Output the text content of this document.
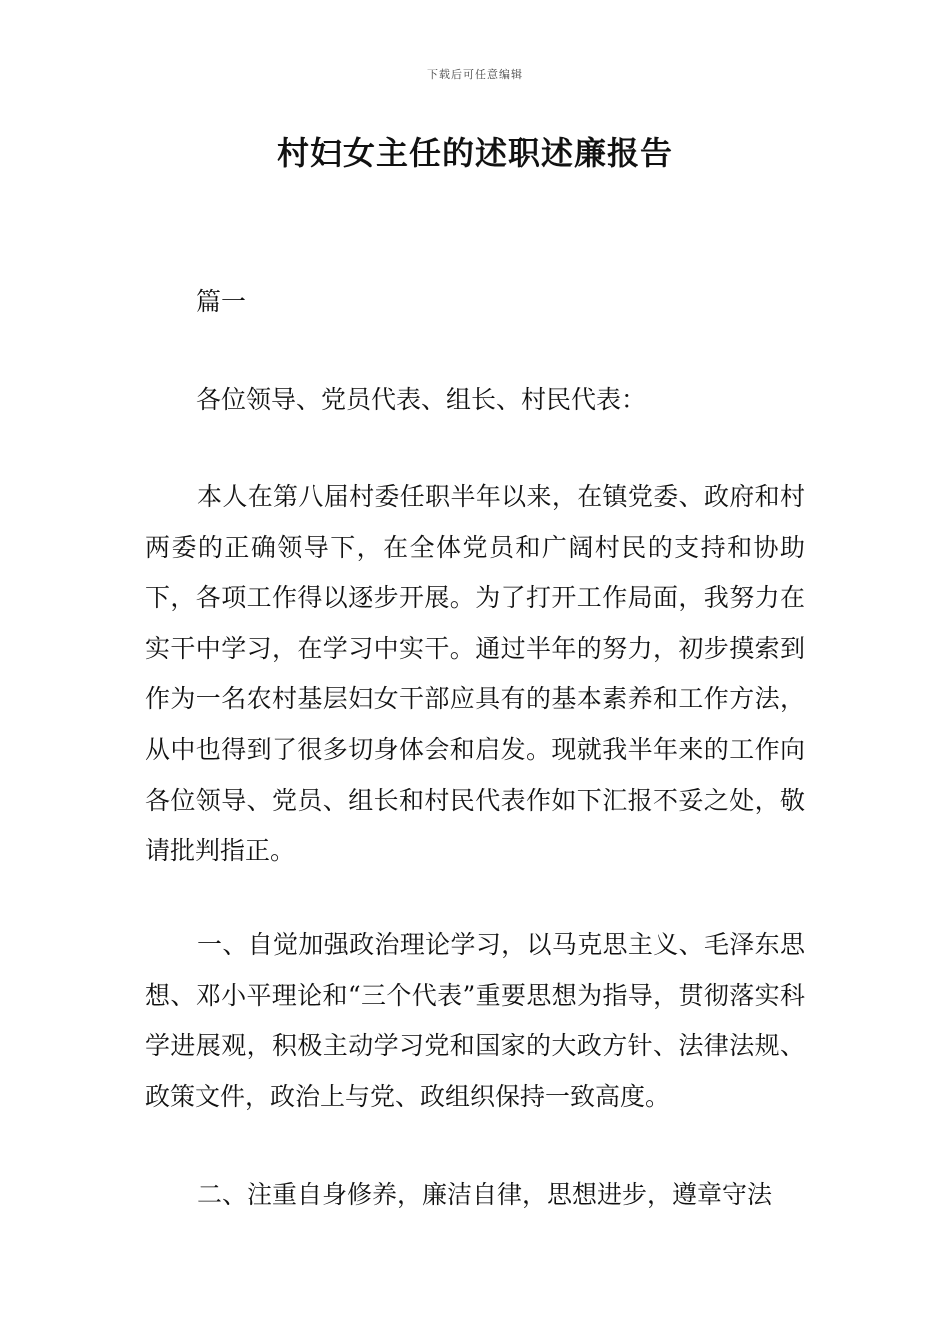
下载后可任意编辑
村妇女主任的述职述廉报告

篇一

各位领导、党员代表、组长、村民代表：

本人在第八届村委任职半年以来，在镇党委、政府和村两委的正确领导下，在全体党员和广阔村民的支持和协助下，各项工作得以逐步开展。为了打开工作局面，我努力在实干中学习，在学习中实干。通过半年的努力，初步摸索到作为一名农村基层妇女干部应具有的基本素养和工作方法，从中也得到了很多切身体会和启发。现就我半年来的工作向各位领导、党员、组长和村民代表作如下汇报不妥之处，敬请批判指正。

一、自觉加强政治理论学习，以马克思主义、毛泽东思想、邓小平理论和“三个代表”重要思想为指导，贯彻落实科学进展观，积极主动学习党和国家的大政方针、法律法规、政策文件，政治上与党、政组织保持一致高度。

二、注重自身修养，廉洁自律，思想进步，遵章守法
